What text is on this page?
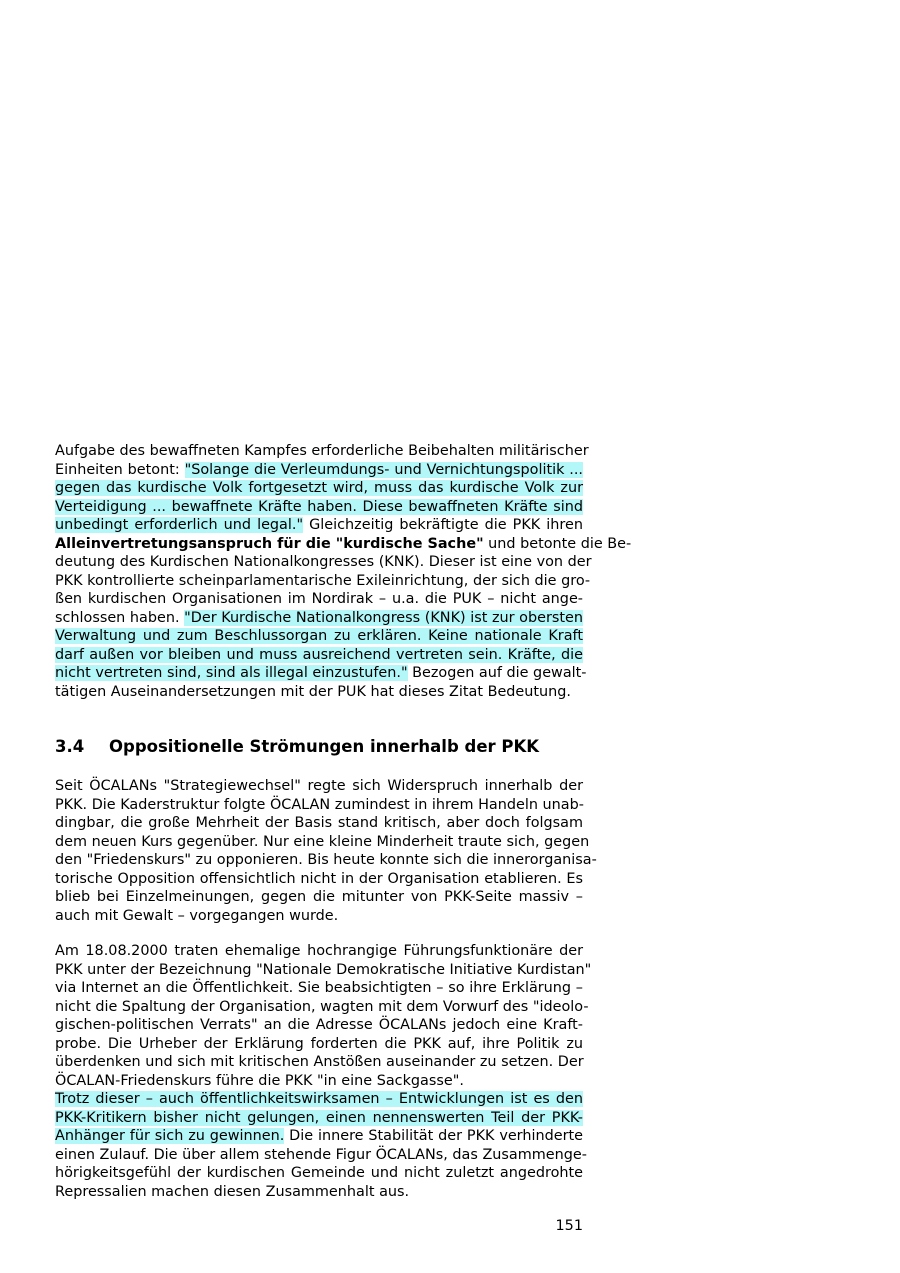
Aufgabe des bewaffneten Kampfes erforderliche Beibehalten militärischer
Einheiten betont: "Solange die Verleumdungs- und Vernichtungspolitik ...
gegen das kurdische Volk fortgesetzt wird, muss das kurdische Volk zur
Verteidigung ... bewaffnete Kräfte haben. Diese bewaffneten Kräfte sind
unbedingt erforderlich und legal." Gleichzeitig bekräftigte die PKK ihren
Alleinvertretungsanspruch für die "kurdische Sache" und betonte die Be-
deutung des Kurdischen Nationalkongresses (KNK). Dieser ist eine von der
PKK kontrollierte scheinparlamentarische Exileinrichtung, der sich die gro-
ßen kurdischen Organisationen im Nordirak – u.a. die PUK – nicht ange-
schlossen haben. "Der Kurdische Nationalkongress (KNK) ist zur obersten
Verwaltung und zum Beschlussorgan zu erklären. Keine nationale Kraft
darf außen vor bleiben und muss ausreichend vertreten sein. Kräfte, die
nicht vertreten sind, sind als illegal einzustufen." Bezogen auf die gewalt-
tätigen Auseinandersetzungen mit der PUK hat dieses Zitat Bedeutung.
3.4 Oppositionelle Strömungen innerhalb der PKK
Seit ÖCALANs "Strategiewechsel" regte sich Widerspruch innerhalb der
PKK. Die Kaderstruktur folgte ÖCALAN zumindest in ihrem Handeln unab-
dingbar, die große Mehrheit der Basis stand kritisch, aber doch folgsam
dem neuen Kurs gegenüber. Nur eine kleine Minderheit traute sich, gegen
den "Friedenskurs" zu opponieren. Bis heute konnte sich die innerorganisa-
torische Opposition offensichtlich nicht in der Organisation etablieren. Es
blieb bei Einzelmeinungen, gegen die mitunter von PKK-Seite massiv –
auch mit Gewalt – vorgegangen wurde.
Am 18.08.2000 traten ehemalige hochrangige Führungsfunktionäre der
PKK unter der Bezeichnung "Nationale Demokratische Initiative Kurdistan"
via Internet an die Öffentlichkeit. Sie beabsichtigten – so ihre Erklärung –
nicht die Spaltung der Organisation, wagten mit dem Vorwurf des "ideolo-
gischen-politischen Verrats" an die Adresse ÖCALANs jedoch eine Kraft-
probe. Die Urheber der Erklärung forderten die PKK auf, ihre Politik zu
überdenken und sich mit kritischen Anstößen auseinander zu setzen. Der
ÖCALAN-Friedenskurs führe die PKK "in eine Sackgasse".
Trotz dieser – auch öffentlichkeitswirksamen – Entwicklungen ist es den
PKK-Kritikern bisher nicht gelungen, einen nennenswerten Teil der PKK-
Anhänger für sich zu gewinnen. Die innere Stabilität der PKK verhinderte
einen Zulauf. Die über allem stehende Figur ÖCALANs, das Zusammenge-
hörigkeitsgefühl der kurdischen Gemeinde und nicht zuletzt angedrohte
Repressalien machen diesen Zusammenhalt aus.
151
